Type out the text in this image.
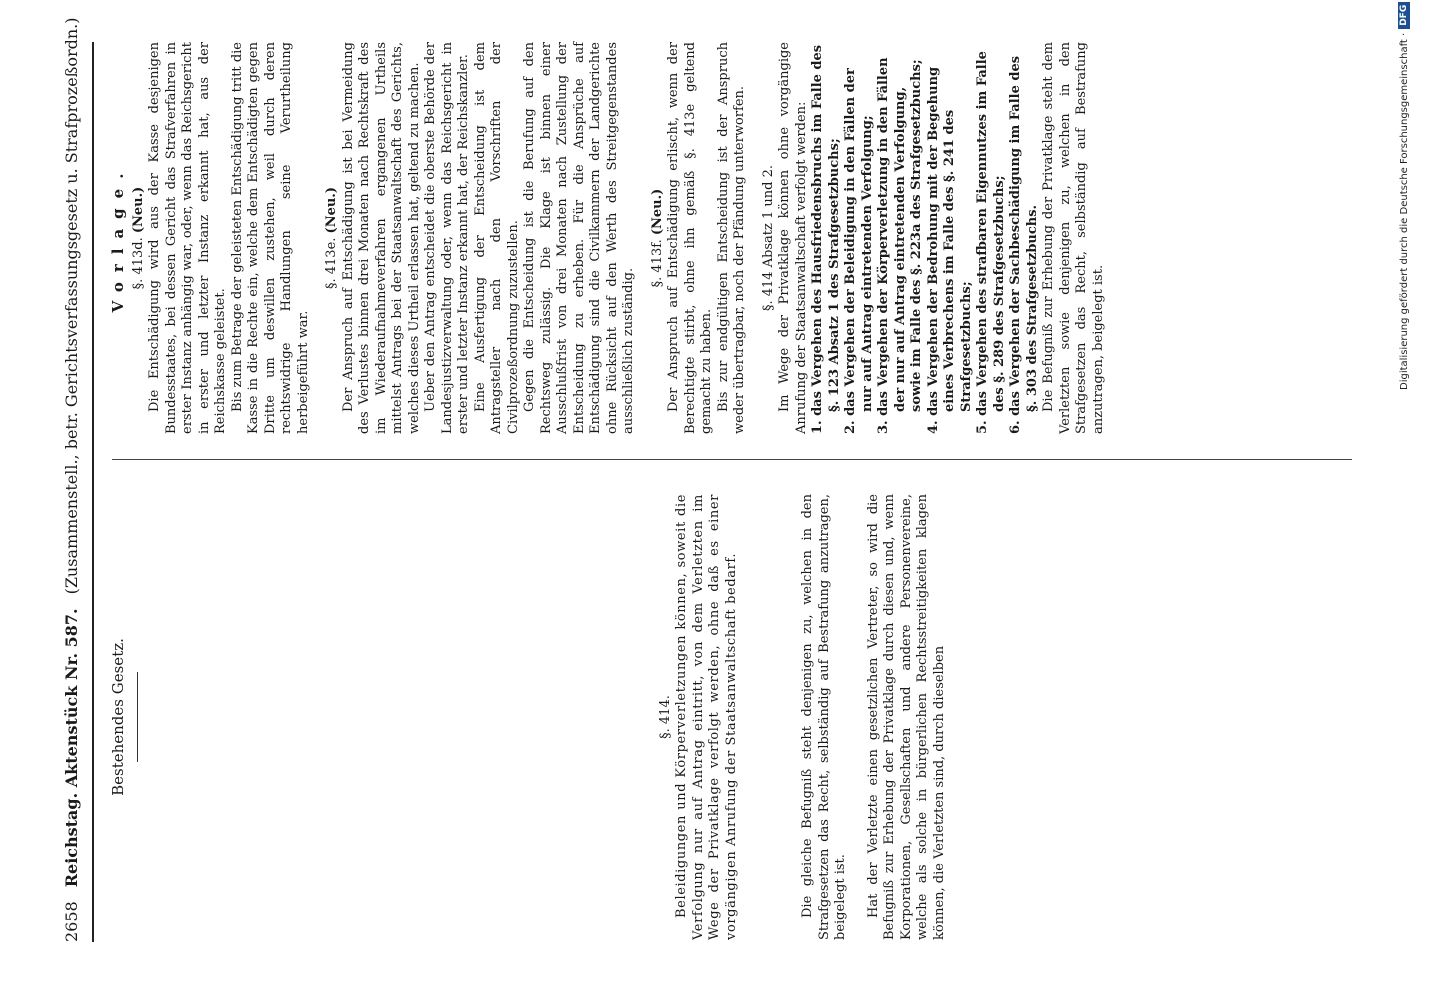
2658
Reichstag. Aktenstück Nr. 587.
(Zusammenstell., betr. Gerichtsverfassungsgesetz u. Strafprozeßordn.)

Bestehendes Gesetz.	§. 414. Beleidigungen und Körperverletzungen können, soweit die Verfolgung nur auf Antrag eintritt, von dem Verletzten im Wege der Privatklage verfolgt werden, ohne daß es einer vorgängigen Anrufung der Staatsanwaltschaft bedarf.	Die gleiche Befugniß steht denjenigen zu, welchen in den Strafgesetzen das Recht, selbständig auf Bestrafung anzutragen, beigelegt ist. Hat der Verletzte einen gesetzlichen Vertreter, so wird die Befugniß zur Erhebung der Privatklage durch diesen und, wenn Korporationen, Gesellschaften und andere Personenvereine, welche als solche in bürgerlichen Rechtsstreitigkeiten klagen können, die Verletzten sind, durch dieselben

Vorlage. §. 413d. (Neu.) Die Entschädigung wird aus der Kasse desjenigen Bundesstaates, bei dessen Gericht das Strafverfahren in erster Instanz anhängig war, oder, wenn das Reichsgericht in erster und letzter Instanz erkannt hat, aus der Reichskasse geleistet. Bis zum Betrage der geleisteten Entschädigung tritt die Kasse in die Rechte ein, welche dem Entschädigten gegen Dritte um deswillen zustehen, weil durch deren rechtswidrige Handlungen seine Verurtheilung herbeigeführt war.

§. 413e. (Neu.) Der Anspruch auf Entschädigung ist bei Vermeidung des Verlustes binnen drei Monaten nach Rechtskraft des im Wiederaufnahmeverfahren ergangenen Urtheils mittelst Antrags bei der Staatsanwaltschaft des Gerichts, welches dieses Urtheil erlassen hat, geltend zu machen. Ueber den Antrag entscheidet die oberste Behörde der Landesjustizverwaltung oder, wenn das Reichsgericht in erster und letzter Instanz erkannt hat, der Reichskanzler. Eine Ausfertigung der Entscheidung ist dem Antragsteller nach den Vorschriften der Civilprozeßordnung zuzustellen. Gegen die Entscheidung ist die Berufung auf den Rechtsweg zulässig. Die Klage ist binnen einer Ausschlußfrist von drei Monaten nach Zustellung der Entscheidung zu erheben. Für die Ansprüche auf Entschädigung sind die Civilkammern der Landgerichte ohne Rücksicht auf den Werth des Streitgegenstandes ausschließlich zuständig.

§. 413f. (Neu.) Der Anspruch auf Entschädigung erlischt, wenn der Berechtigte stirbt, ohne ihn gemäß §. 413e geltend gemacht zu haben. Bis zur endgültigen Entscheidung ist der Anspruch weder übertragbar, noch der Pfändung unterworfen. §. 414 Absatz 1 und 2. Im Wege der Privatklage können ohne vorgängige Anrufung der Staatsanwaltschaft verfolgt werden: 1. das Vergehen des Hausfriedensbruchs im Falle des §. 123 Absatz 1 des Strafgesetzbuchs; 2. das Vergehen der Beleidigung in den Fällen der nur auf Antrag eintretenden Verfolgung; 3. das Vergehen der Körperverletzung in den Fällen der nur auf Antrag eintretenden Verfolgung, sowie im Falle des §. 223a des Strafgesetzbuchs; 4. das Vergehen der Bedrohung mit der Begehung eines Verbrechens im Falle des §. 241 des Strafgesetzbuchs; 5. das Vergehen des strafbaren Eigennutzes im Falle des §. 289 des Strafgesetzbuchs; 6. das Vergehen der Sachbeschädigung im Falle des §. 303 des Strafgesetzbuchs. Die Befugniß zur Erhebung der Privatklage steht dem Verletzten sowie denjenigen zu, welchen in den Strafgesetzen das Recht, selbständig auf Bestrafung anzutragen, beigelegt ist.	Digitalisierung gefördert durch die Deutsche Forschungsgemeinschaft ·
DFG
